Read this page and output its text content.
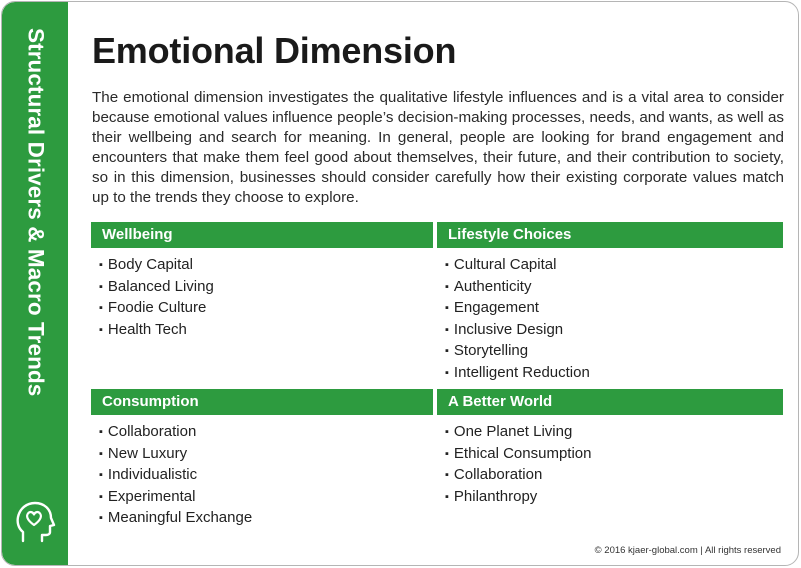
Structural Drivers & Macro Trends Emotional Dimension
The emotional dimension investigates the qualitative lifestyle influences and is a vital area to consider because emotional values influence people’s decision-making processes, needs, and wants, as well as their wellbeing and search for meaning. In general, people are looking for brand engagement and encounters that make them feel good about themselves, their future, and their contribution to society, so in this dimension, businesses should consider carefully how their existing corporate values match up to the trends they choose to explore.
Wellbeing
▪ Body Capital
▪ Balanced Living
▪ Foodie Culture
▪ Health Tech
Lifestyle Choices
▪ Cultural Capital
▪ Authenticity
▪ Engagement
▪ Inclusive Design
▪ Storytelling
▪ Intelligent Reduction
Consumption
▪ Collaboration
▪ New Luxury
▪ Individualistic
▪ Experimental
▪ Meaningful Exchange
A Better World
▪ One Planet Living
▪ Ethical Consumption
▪ Collaboration
▪ Philanthropy
© 2016 kjaer-global.com | All rights reserved
